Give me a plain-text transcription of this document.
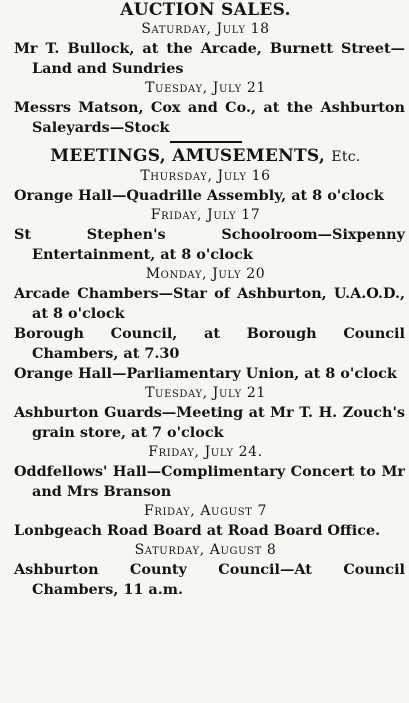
AUCTION SALES.

Saturday, July 18

Mr T. Bullock, at the Arcade, Burnett Street—Land and Sundries

Tuesday, July 21

Messrs Matson, Cox and Co., at the Ashburton Saleyards—Stock

MEETINGS, AMUSEMENTS, Etc.

Thursday, July 16

Orange Hall—Quadrille Assembly, at 8 o'clock

Friday, July 17

St Stephen's Schoolroom—Sixpenny Entertainment, at 8 o'clock

Monday, July 20

Arcade Chambers—Star of Ashburton, U.A.O.D., at 8 o'clock

Borough Council, at Borough Council Chambers, at 7.30

Orange Hall—Parliamentary Union, at 8 o'clock

Tuesday, July 21

Ashburton Guards—Meeting at Mr T. H. Zouch's grain store, at 7 o'clock

Friday, July 24.

Oddfellows' Hall—Complimentary Concert to Mr and Mrs Branson

Friday, August 7

Lonbgeach Road Board at Road Board Office.

Saturday, August 8

Ashburton County Council—At Council Chambers, 11 a.m.
